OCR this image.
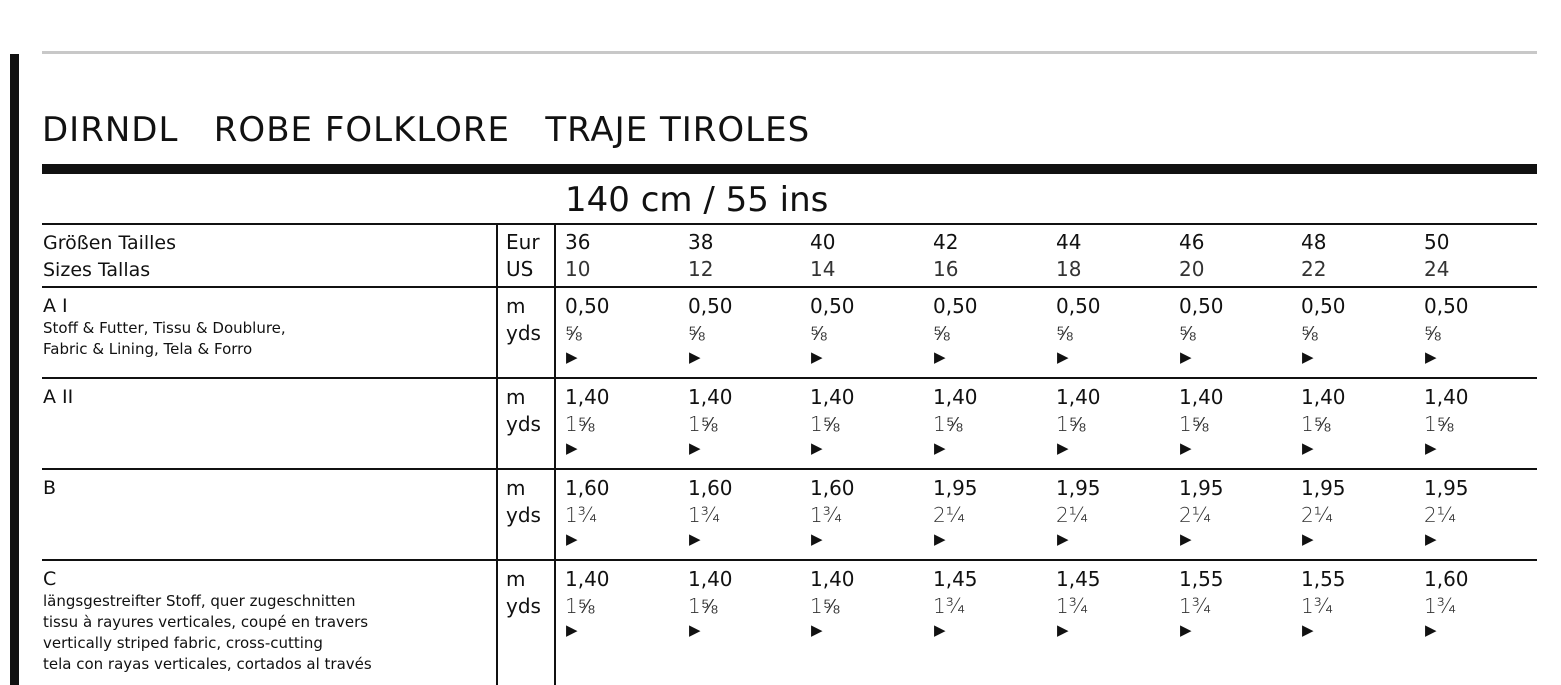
DIRNDL   ROBE FOLKLORE   TRAJE TIROLES
140 cm / 55 ins
Größen Tailles
Sizes Tallas
Eur
US
36
10
38
12
40
14
42
16
44
18
46
20
48
22
50
24
A I
Stoff & Futter, Tissu & Doublure,
Fabric & Lining, Tela & Forro
m
yds
0,50
⅝
▶
0,50
⅝
▶
0,50
⅝
▶
0,50
⅝
▶
0,50
⅝
▶
0,50
⅝
▶
0,50
⅝
▶
0,50
⅝
▶
A II	m
yds
1,40
1⅝
▶
1,40
1⅝
▶
1,40
1⅝
▶
1,40
1⅝
▶
1,40
1⅝
▶
1,40
1⅝
▶
1,40
1⅝
▶
1,40
1⅝
▶
B	m
yds
1,60
1¾
▶
1,60
1¾
▶
1,60
1¾
▶
1,95
2¼
▶
1,95
2¼
▶
1,95
2¼
▶
1,95
2¼
▶
1,95
2¼
▶
C
längsgestreifter Stoff, quer zugeschnitten
tissu à rayures verticales, coupé en travers
vertically striped fabric, cross-cutting
tela con rayas verticales, cortados al través
m
yds
1,40
1⅝
▶
1,40
1⅝
▶
1,40
1⅝
▶
1,45
1¾
▶
1,45
1¾
▶
1,55
1¾
▶
1,55
1¾
▶
1,60
1¾
▶
